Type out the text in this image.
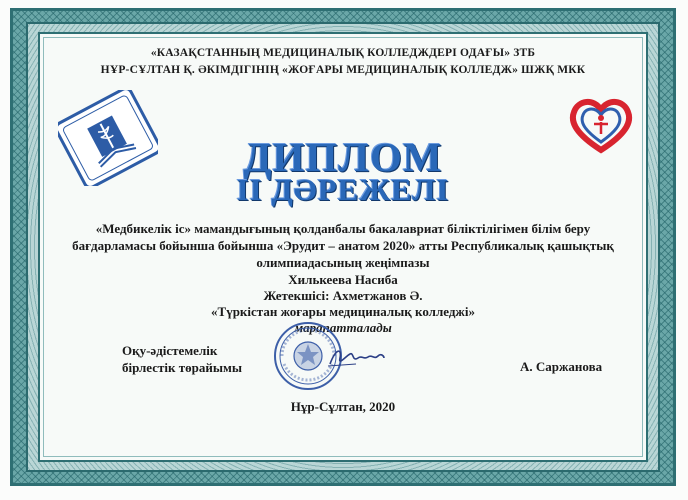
«КАЗАҚСТАННЫҢ МЕДИЦИНАЛЫҚ КОЛЛЕДЖДЕРІ ОДАҒЫ» ЗТБ
НҰР-СҰЛТАН Қ. ӘКІМДІГІНІҢ «ЖОҒАРЫ МЕДИЦИНАЛЫҚ КОЛЛЕДЖ» ШЖҚ МКК
ДИПЛОМ
II ДӘРЕЖЕЛІ
«Медбикелік іс» мамандығының қолданбалы бакалавриат біліктілігімен білім беру
бағдарламасы бойынша бойынша «Эрудит – анатом 2020» атты Республикалық қашықтық
олимпиадасының жеңімпазы
Хилькеева Насиба
Жетекшісі: Ахметжанов Ә.
«Түркістан жоғары медициналық колледжі»
марапатталады
Оқу-әдістемелік
бірлестік төрайымы	А. Саржанова
Нұр-Сұлтан, 2020
